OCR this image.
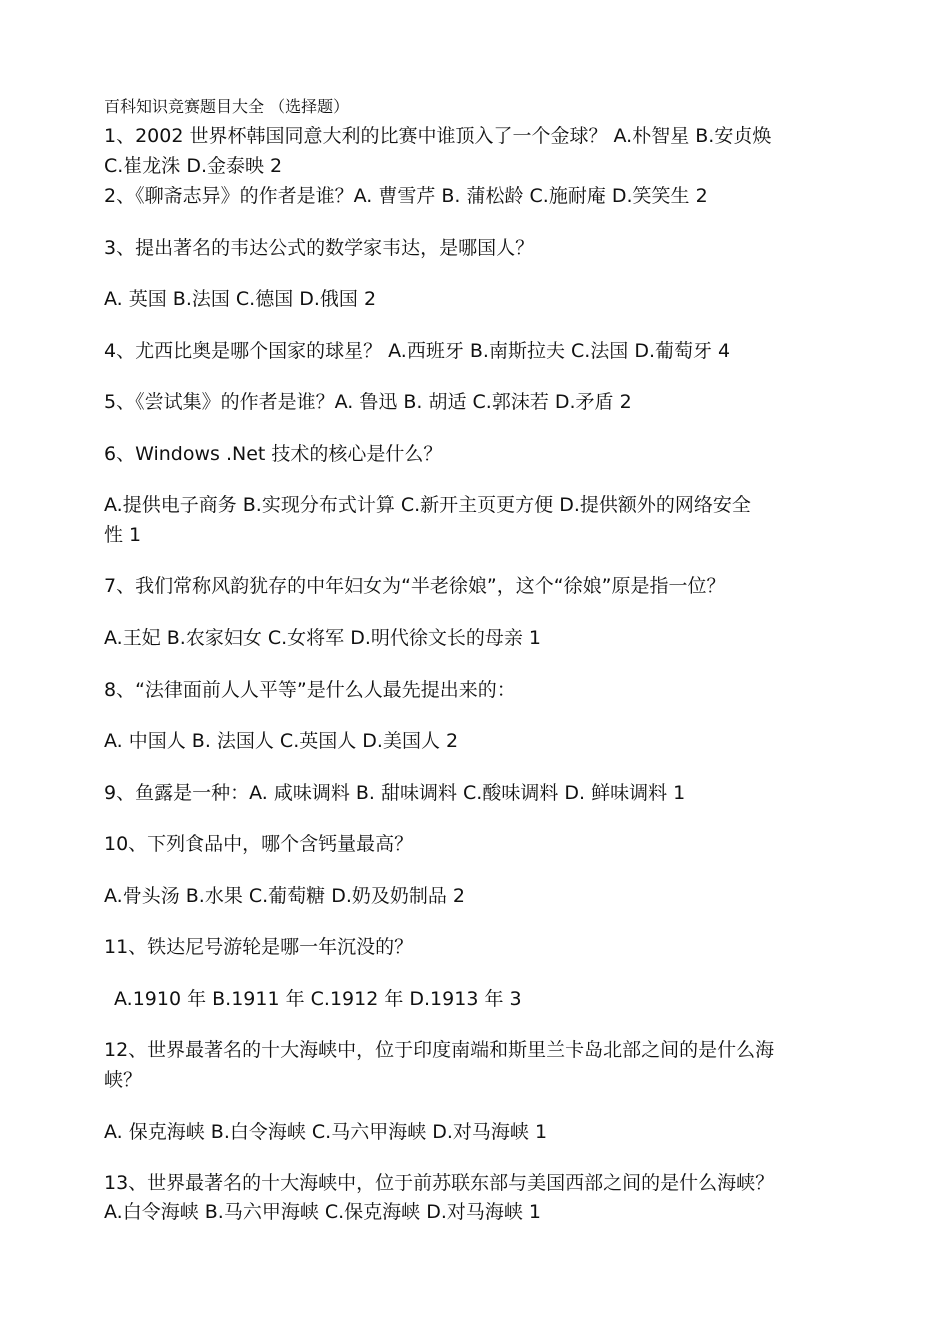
百科知识竞赛题目大全 （选择题）
1、2002 世界杯韩国同意大利的比赛中谁顶入了一个金球？ A.朴智星 B.安贞焕
C.崔龙洙 D.金泰映 2
2、《聊斋志异》的作者是谁？A. 曹雪芹 B. 蒲松龄 C.施耐庵 D.笑笑生 2
3、提出著名的韦达公式的数学家韦达，是哪国人？
A. 英国 B.法国 C.德国 D.俄国 2
4、尤西比奥是哪个国家的球星？ A.西班牙 B.南斯拉夫 C.法国 D.葡萄牙 4
5、《尝试集》的作者是谁？A. 鲁迅 B. 胡适 C.郭沫若 D.矛盾 2
6、Windows .Net 技术的核心是什么？
A.提供电子商务 B.实现分布式计算 C.新开主页更方便 D.提供额外的网络安全
性 1
7、我们常称风韵犹存的中年妇女为“半老徐娘”，这个“徐娘”原是指一位？
A.王妃 B.农家妇女 C.女将军 D.明代徐文长的母亲 1
8、“法律面前人人平等”是什么人最先提出来的：
A. 中国人 B. 法国人 C.英国人 D.美国人 2
9、鱼露是一种：A. 咸味调料 B. 甜味调料 C.酸味调料 D. 鲜味调料 1
10、下列食品中，哪个含钙量最高？
A.骨头汤 B.水果 C.葡萄糖 D.奶及奶制品 2
11、铁达尼号游轮是哪一年沉没的？
A.1910 年 B.1911 年 C.1912 年 D.1913 年 3
12、世界最著名的十大海峡中，位于印度南端和斯里兰卡岛北部之间的是什么海
峡？
A. 保克海峡 B.白令海峡 C.马六甲海峡 D.对马海峡 1
13、世界最著名的十大海峡中，位于前苏联东部与美国西部之间的是什么海峡？
A.白令海峡 B.马六甲海峡 C.保克海峡 D.对马海峡 1
